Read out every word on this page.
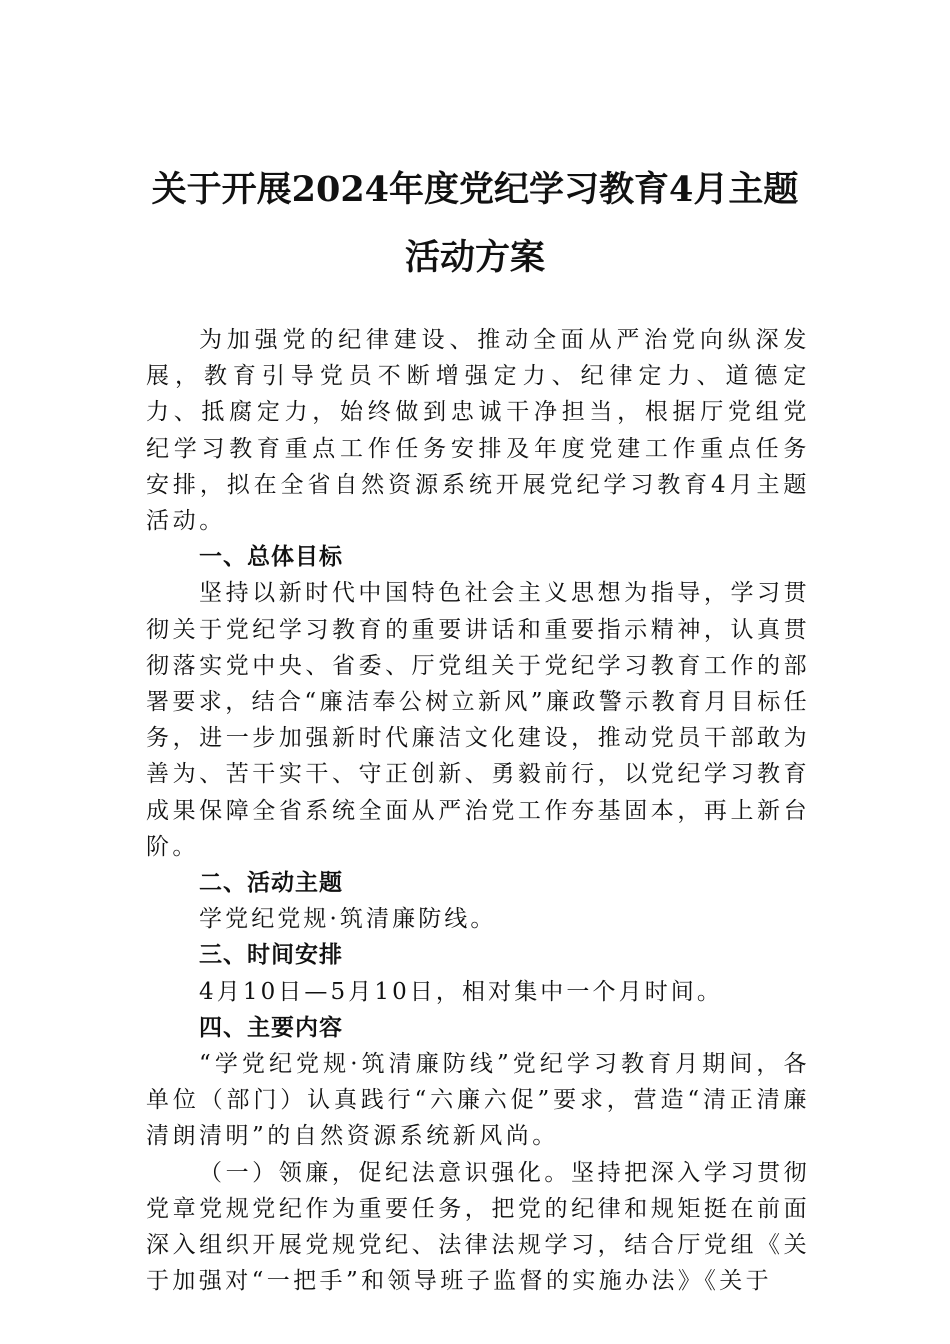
关于开展2024年度党纪学习教育4月主题
活动方案

为加强党的纪律建设、推动全面从严治党向纵深发展，教育引导党员不断增强定力、纪律定力、道德定力、抵腐定力，始终做到忠诚干净担当，根据厅党组党纪学习教育重点工作任务安排及年度党建工作重点任务安排，拟在全省自然资源系统开展党纪学习教育4月主题活动。

一、总体目标

坚持以新时代中国特色社会主义思想为指导，学习贯彻关于党纪学习教育的重要讲话和重要指示精神，认真贯彻落实党中央、省委、厅党组关于党纪学习教育工作的部署要求，结合“廉洁奉公树立新风”廉政警示教育月目标任务，进一步加强新时代廉洁文化建设，推动党员干部敢为善为、苦干实干、守正创新、勇毅前行，以党纪学习教育成果保障全省系统全面从严治党工作夯基固本，再上新台阶。

二、活动主题

学党纪党规·筑清廉防线。

三、时间安排

4月10日—5月10日，相对集中一个月时间。

四、主要内容

“学党纪党规·筑清廉防线”党纪学习教育月期间，各单位（部门）认真践行“六廉六促”要求，营造“清正清廉清朗清明”的自然资源系统新风尚。

（一）领廉，促纪法意识强化。坚持把深入学习贯彻党章党规党纪作为重要任务，把党的纪律和规矩挺在前面深入组织开展党规党纪、法律法规学习，结合厅党组《关于加强对“一把手”和领导班子监督的实施办法》《关于
